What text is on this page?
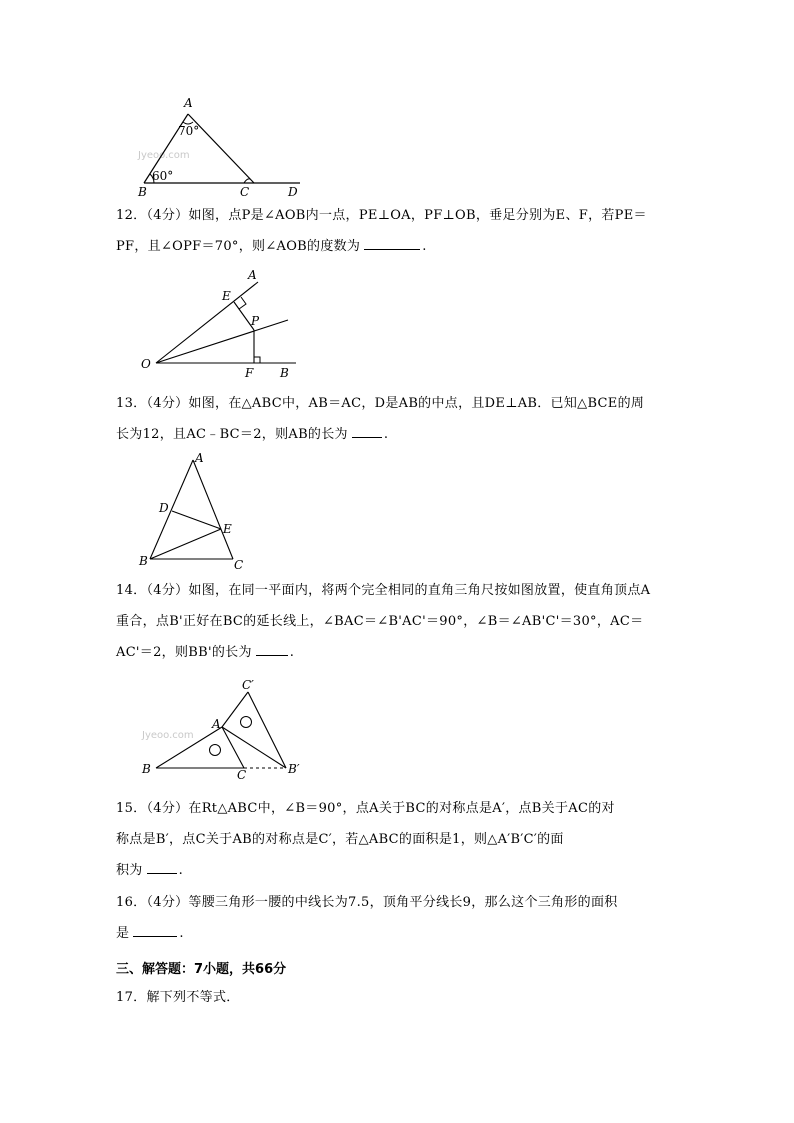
Jyeoo.com
A
70°
60°
B	C	D
12．（4分）如图，点P是∠AOB内一点，PE⊥OA，PF⊥OB，垂足分别为E、F，若PE＝
PF，且∠OPF＝70°，则∠AOB的度数为	.
A
E
P
O
F B
13．（4分）如图，在△ABC中，AB＝AC，D是AB的中点，且DE⊥AB．已知△BCE的周
长为12，且AC﹣BC＝2，则AB的长为	.
A
D
E
B	C
14．（4分）如图，在同一平面内，将两个完全相同的直角三角尺按如图放置，使直角顶点A
重合，点B'正好在BC的延长线上，∠BAC＝∠B'AC'＝90°，∠B＝∠AB'C'＝30°，AC＝
AC'＝2，则BB'的长为	.
Jyeoo.com
C′
A
B	C	B′
15．（4分）在Rt△ABC中，∠B＝90°，点A关于BC的对称点是A′，点B关于AC的对
称点是B′，点C关于AB的对称点是C′，若△ABC的面积是1，则△A′B′C′的面
积为	.
16．（4分）等腰三角形一腰的中线长为7.5，顶角平分线长9，那么这个三角形的面积
是	.
三、解答题：7小题，共66分
17．解下列不等式．
